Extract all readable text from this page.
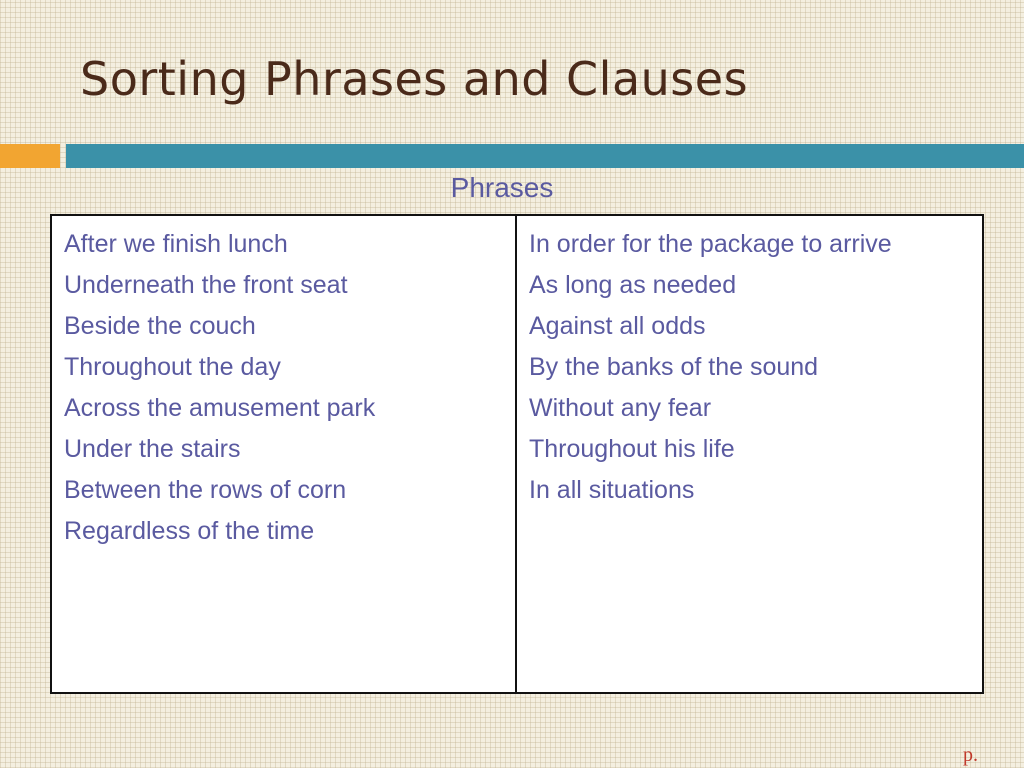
Sorting Phrases and Clauses
Phrases
After we finish lunch
Underneath the front seat
Beside the couch
Throughout the day
Across the amusement park
Under the stairs
Between the rows of corn
Regardless of the time
In order for the package to arrive
As long as needed
Against all odds
By the banks of the sound
Without any fear
Throughout his life
In all situations
p.
